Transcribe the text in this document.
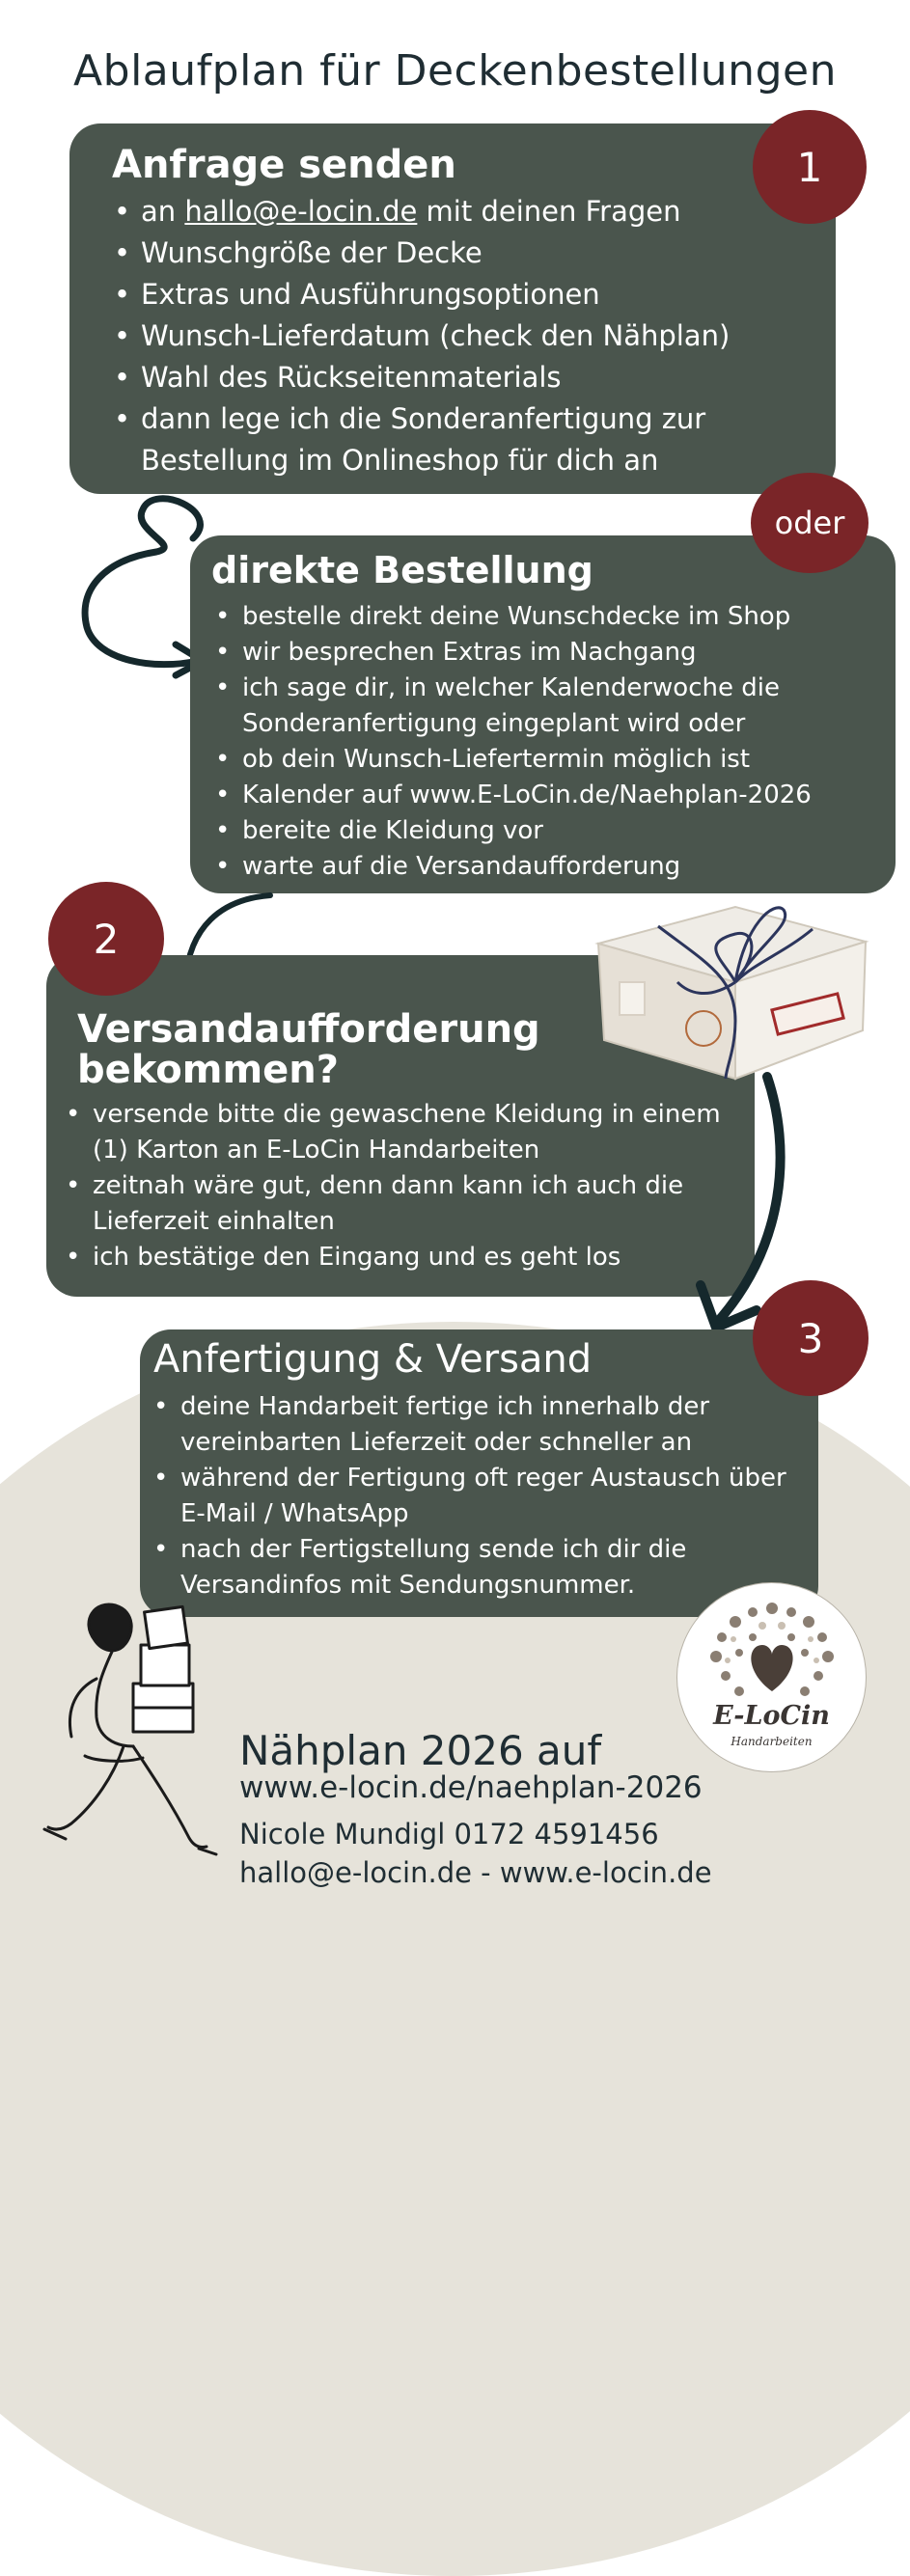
Ablaufplan für Deckenbestellungen
Anfrage senden
• an hallo@e-locin.de mit deinen Fragen
• Wunschgröße der Decke
• Extras und Ausführungsoptionen
• Wunsch-Lieferdatum (check den Nähplan)
• Wahl des Rückseitenmaterials
• dann lege ich die Sonderanfertigung zur Bestellung im Onlineshop für dich an
1
direkte Bestellung
• bestelle direkt deine Wunschdecke im Shop
• wir besprechen Extras im Nachgang
• ich sage dir, in welcher Kalenderwoche die Sonderanfertigung eingeplant wird oder
• ob dein Wunsch-Liefertermin möglich ist
• Kalender auf www.E-LoCin.de/Naehplan-2026
• bereite die Kleidung vor
• warte auf die Versandaufforderung
oder
Versandaufforderung bekommen?
• versende bitte die gewaschene Kleidung in einem (1) Karton an E-LoCin Handarbeiten
• zeitnah wäre gut, denn dann kann ich auch die Lieferzeit einhalten
• ich bestätige den Eingang und es geht los
2
Anfertigung & Versand
• deine Handarbeit fertige ich innerhalb der vereinbarten Lieferzeit oder schneller an
• während der Fertigung oft reger Austausch über E-Mail / WhatsApp
• nach der Fertigstellung sende ich dir die Versandinfos mit Sendungsnummer.
3
E-LoCin
Handarbeiten
Nähplan 2026 auf
www.e-locin.de/naehplan-2026
Nicole Mundigl 0172 4591456
hallo@e-locin.de - www.e-locin.de
